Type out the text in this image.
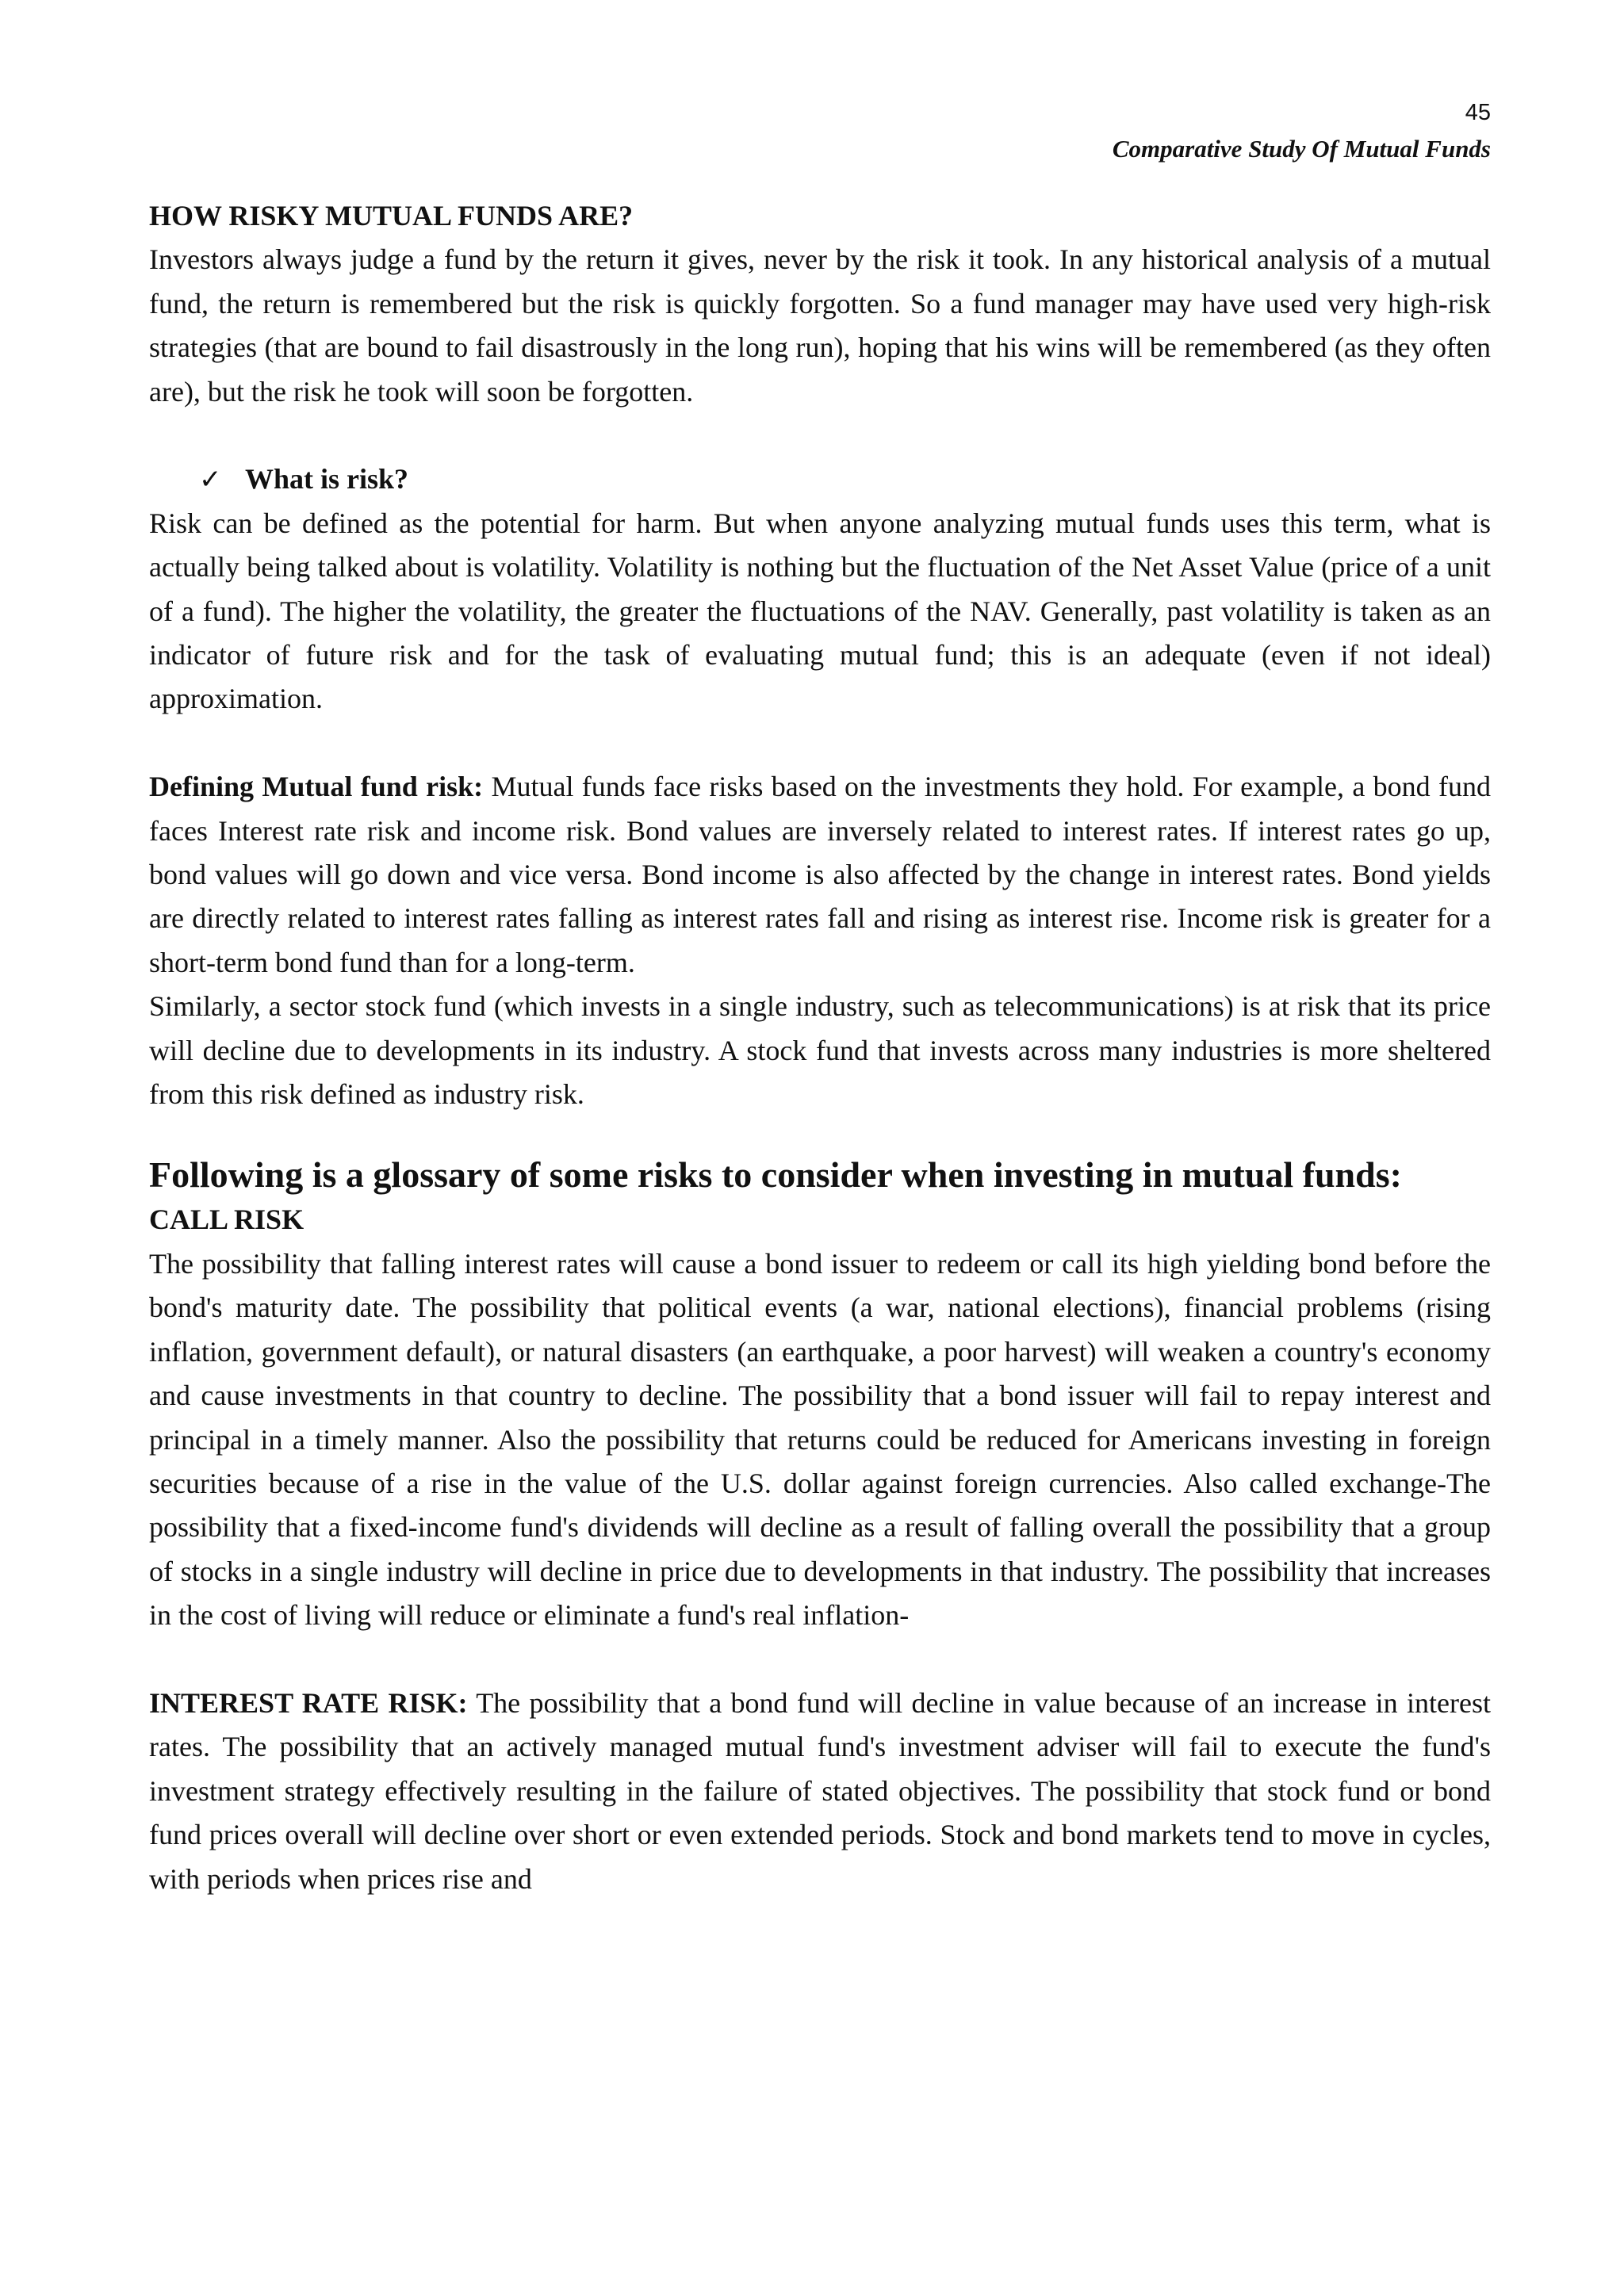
45
Comparative Study Of Mutual Funds
HOW RISKY MUTUAL FUNDS ARE?

Investors always judge a fund by the return it gives, never by the risk it took. In any historical analysis of a mutual fund, the return is remembered but the risk is quickly forgotten. So a fund manager may have used very high-risk strategies (that are bound to fail disastrously in the long run), hoping that his wins will be remembered (as they often are), but the risk he took will soon be forgotten.

✓ What is risk?

Risk can be defined as the potential for harm. But when anyone analyzing mutual funds uses this term, what is actually being talked about is volatility. Volatility is nothing but the fluctuation of the Net Asset Value (price of a unit of a fund). The higher the volatility, the greater the fluctuations of the NAV. Generally, past volatility is taken as an indicator of future risk and for the task of evaluating mutual fund; this is an adequate (even if not ideal) approximation.

Defining Mutual fund risk: Mutual funds face risks based on the investments they hold. For example, a bond fund faces Interest rate risk and income risk. Bond values are inversely related to interest rates. If interest rates go up, bond values will go down and vice versa. Bond income is also affected by the change in interest rates. Bond yields are directly related to interest rates falling as interest rates fall and rising as interest rise. Income risk is greater for a short-term bond fund than for a long-term.

Similarly, a sector stock fund (which invests in a single industry, such as telecommunications) is at risk that its price will decline due to developments in its industry. A stock fund that invests across many industries is more sheltered from this risk defined as industry risk.

Following is a glossary of some risks to consider when investing in mutual funds:
CALL RISK

The possibility that falling interest rates will cause a bond issuer to redeem or call its high yielding bond before the bond's maturity date. The possibility that political events (a war, national elections), financial problems (rising inflation, government default), or natural disasters (an earthquake, a poor harvest) will weaken a country's economy and cause investments in that country to decline. The possibility that a bond issuer will fail to repay interest and principal in a timely manner. Also the possibility that returns could be reduced for Americans investing in foreign securities because of a rise in the value of the U.S. dollar against foreign currencies. Also called exchange-The possibility that a fixed-income fund's dividends will decline as a result of falling overall the possibility that a group of stocks in a single industry will decline in price due to developments in that industry. The possibility that increases in the cost of living will reduce or eliminate a fund's real inflation-

INTEREST RATE RISK: The possibility that a bond fund will decline in value because of an increase in interest rates. The possibility that an actively managed mutual fund's investment adviser will fail to execute the fund's investment strategy effectively resulting in the failure of stated objectives. The possibility that stock fund or bond fund prices overall will decline over short or even extended periods. Stock and bond markets tend to move in cycles, with periods when prices rise and
